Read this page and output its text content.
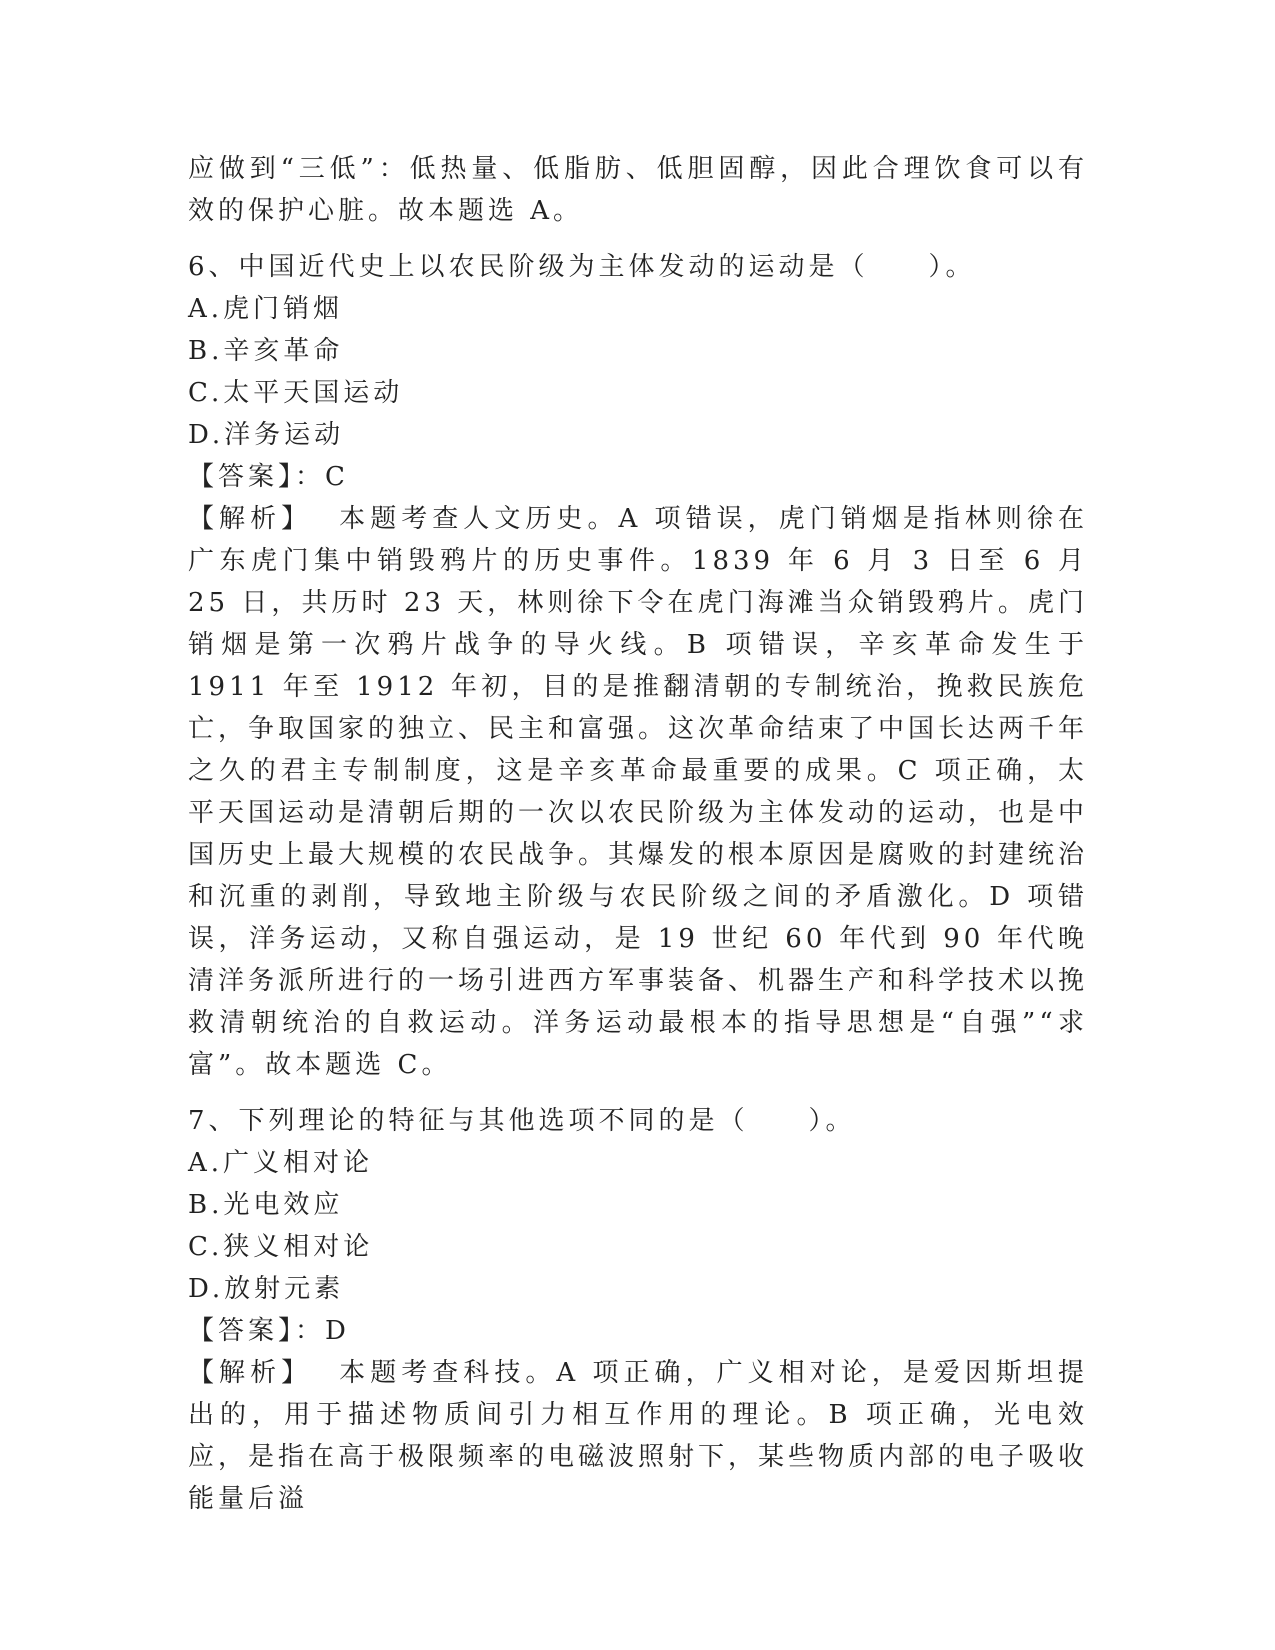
应做到“三低”：低热量、低脂肪、低胆固醇，因此合理饮食可以有效的保护心脏。故本题选 A。

6、中国近代史上以农民阶级为主体发动的运动是（　　）。

A.虎门销烟

B.辛亥革命

C.太平天国运动

D.洋务运动

【答案】：C

【解析】 本题考查人文历史。A 项错误，虎门销烟是指林则徐在广东虎门集中销毁鸦片的历史事件。1839 年 6 月 3 日至 6 月 25 日，共历时 23 天，林则徐下令在虎门海滩当众销毁鸦片。虎门销烟是第一次鸦片战争的导火线。B 项错误，辛亥革命发生于 1911 年至 1912 年初，目的是推翻清朝的专制统治，挽救民族危亡，争取国家的独立、民主和富强。这次革命结束了中国长达两千年之久的君主专制制度，这是辛亥革命最重要的成果。C 项正确，太平天国运动是清朝后期的一次以农民阶级为主体发动的运动，也是中国历史上最大规模的农民战争。其爆发的根本原因是腐败的封建统治和沉重的剥削，导致地主阶级与农民阶级之间的矛盾激化。D 项错误，洋务运动，又称自强运动，是 19 世纪 60 年代到 90 年代晚清洋务派所进行的一场引进西方军事装备、机器生产和科学技术以挽救清朝统治的自救运动。洋务运动最根本的指导思想是“自强”“求富”。故本题选 C。

7、下列理论的特征与其他选项不同的是（　　）。

A.广义相对论

B.光电效应

C.狭义相对论

D.放射元素

【答案】：D

【解析】 本题考查科技。A 项正确，广义相对论，是爱因斯坦提出的，用于描述物质间引力相互作用的理论。B 项正确，光电效应，是指在高于极限频率的电磁波照射下，某些物质内部的电子吸收能量后溢
